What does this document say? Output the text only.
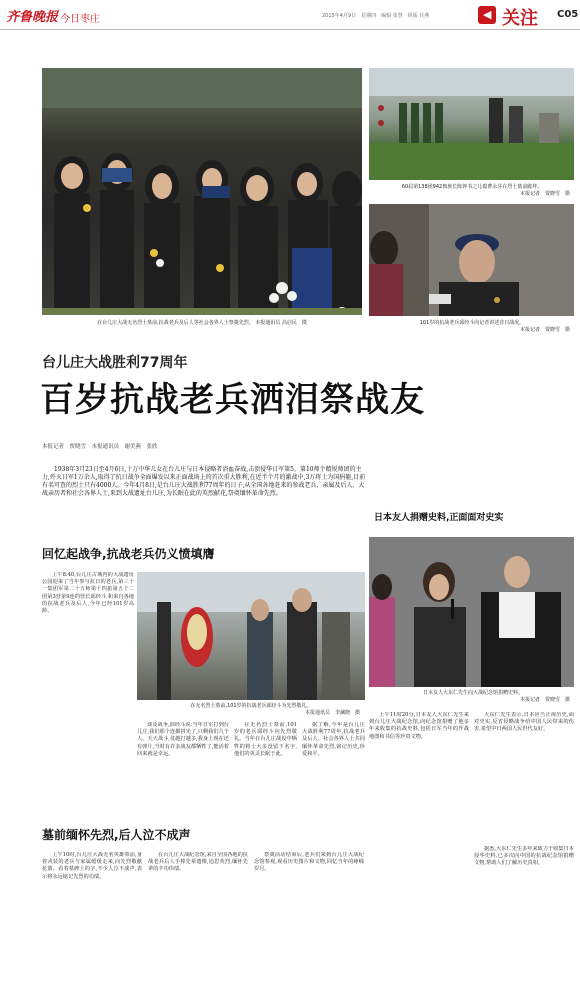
齐鲁晚报 今日枣庄	2015年4月9日　星期四　编辑 张慧　组版 任燕	◀ 关注 C05
在台儿庄大战无名烈士墓前,抗战老兵及后人等社会各界人士祭奠先烈。 本报通讯员 高启民　摄
60届第138团942旗族长陈钟书之儿媳曹永芬在烈士墓前跪拜。
本报记者　贾晓雪　摄
101岁的抗战老兵邱经斗向记者讲述昔日战况。
本报记者　贾晓雪　摄
台儿庄大战胜利77周年
百岁抗战老兵洒泪祭战友
本报记者　贾晓雪　本报通讯员　谢美燕　张欣
1938年3月23日至4月6日,十万中华儿女在台儿庄与日本侵略者浴血奋战,击溃侵华日军第5、第10师个精锐师团的主力,歼灭日军1万余人,取得了抗日战争全面爆发以来正面战场上的首次重大胜利,在近半个月的激战中,3万将士为国捐躯,目前有名可查的烈士只有4000人。今年4月8日,是台儿庄大战胜利77周年的日子,从全国各地赶来的参战老兵、亲属及后人、大战亲历者和社会各界人士,来到大战遗址台儿庄,为长眠在此的英烈献花,祭奠缅怀革命先烈。
日本友人捐赠史料,正面面对史实
回忆起战争,抗战老兵仍义愤填膺
上午8:40,台儿庄古城内的大战遗址公园迎来了当年参与抗日的老兵,第三十一集团军第二十五师第十四旅第五十二团第3营第9连的营长邱经斗,和来自各地的抗战老兵及后人,今年已经101岁高龄。
在无名烈士墓前,101岁的抗战老兵邱经斗为先烈敬礼。
本报通讯员　李澜晓　摄
谈及战争,邱经斗说:当年日军打到台儿庄,我们那个连都拼光了,只剩我们几个人。天天战斗,仗越打越多,我身上现在还有弹片,当时有许多战友都牺牲了,能活着回来就是幸运。
在无名烈士墓前,101岁的老兵邱经斗向先烈敬礼。当年在台儿庄战役中牺牲的将士大多没留下名字,他们的英灵长眠于此。
据了解,今年是台儿庄大战胜利77周年,抗战老兵及后人、社会各界人士共同缅怀革命先烈,铭记历史,珍爱和平。
日本友人大东仁先生向大战纪念馆捐赠史料。
本报记者　贾晓雪　摄
上午11时20分,日本友人大东仁先生来到台儿庄大战纪念馆,向纪念馆捐赠了他多年来收集的抗战史料,包括日军当年的作战地图和书信等珍贵文物。
大东仁先生表示,日本应当正视历史,面对史实,反省侵略战争给中国人民带来的伤害,希望中日两国人民世代友好。
据悉,大东仁先生多年来致力于收集日本侵华史料,已多次向中国的抗战纪念馆捐赠文物,帮助人们了解历史真相。
墓前缅怀先烈,后人泣不成声
上午10时,台儿庄大战无名英雄墓前,身着戎装的老兵与家属缓缓走来,向先烈敬献花篮。看着墓碑上的字,不少人泣不成声,表示将永远铭记先烈的功绩。
在台儿庄大战纪念馆,来自全国各地的抗战老兵后人手捧先辈遗像,追思英烈,缅怀先辈的丰功伟绩。
祭奠活动结束后,老兵们来到台儿庄大战纪念馆参观,观看历史图片和文物,回忆当年的峥嵘岁月。
